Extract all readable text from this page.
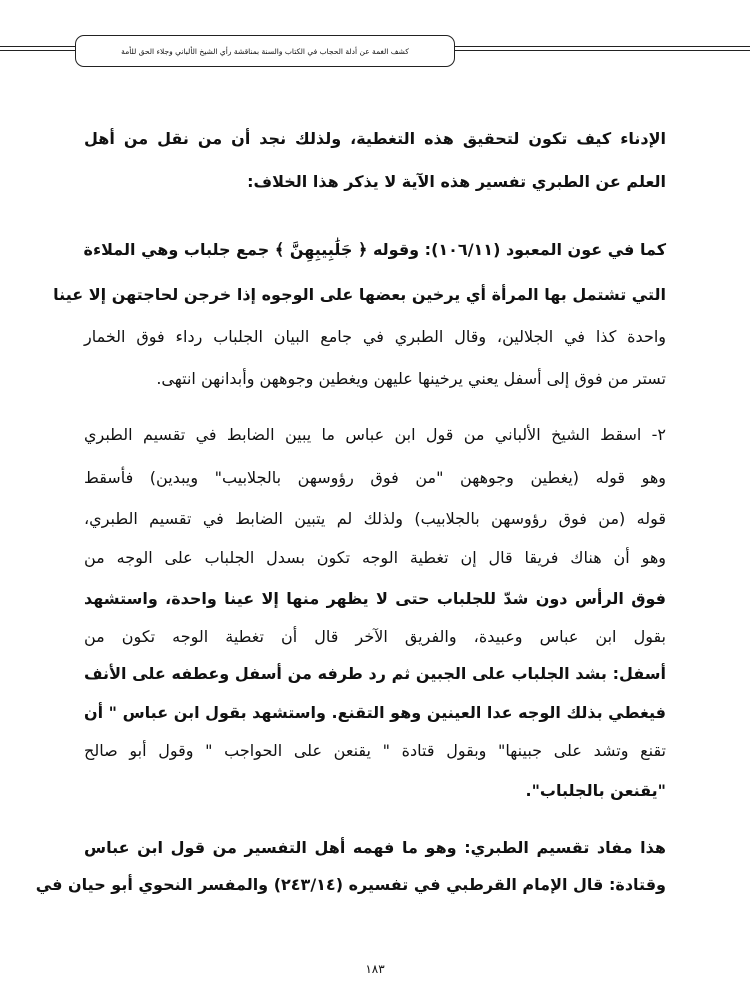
كشف الغمة عن أدلة الحجاب في الكتاب والسنة بمناقشة رأي الشيخ الألباني وجلاء الحق للأمة
الإدناء كيف تكون لتحقيق هذه التغطية، ولذلك نجد أن من نقل من أهل
العلم عن الطبري تفسير هذه الآية لا يذكر هذا الخلاف:
كما في عون المعبود (١٠٦/١١): وقوله ﴿ جَلَٰبِيبِهِنَّ ﴾ جمع جلباب وهي الملاءة
التي تشتمل بها المرأة أي يرخين بعضها على الوجوه إذا خرجن لحاجتهن إلا عينا
واحدة كذا في الجلالين، وقال الطبري في جامع البيان الجلباب رداء فوق الخمار
تستر من فوق إلى أسفل يعني يرخينها عليهن ويغطين وجوههن وأبدانهن انتهى.
٢- اسقط الشيخ الألباني من قول ابن عباس ما يبين الضابط في تقسيم الطبري
وهو قوله (يغطين وجوههن "من فوق رؤوسهن بالجلابيب" ويبدين) فأسقط
قوله (من فوق رؤوسهن بالجلابيب) ولذلك لم يتبين الضابط في تقسيم الطبري،
وهو أن هناك فريقا قال إن تغطية الوجه تكون بسدل الجلباب على الوجه من
فوق الرأس دون شدّ للجلباب حتى لا يظهر منها إلا عينا واحدة، واستشهد
بقول ابن عباس وعبيدة، والفريق الآخر قال أن تغطية الوجه تكون من
أسفل: بشد الجلباب على الجبين ثم رد طرفه من أسفل وعطفه على الأنف
فيغطي بذلك الوجه عدا العينين وهو التقنع. واستشهد بقول ابن عباس " أن
تقنع وتشد على جبينها" وبقول قتادة " يقنعن على الحواجب " وقول أبو صالح
"يقنعن بالجلباب".
هذا مفاد تقسيم الطبري: وهو ما فهمه أهل التفسير من قول ابن عباس
وقتادة: قال الإمام القرطبي في تفسيره (٢٤٣/١٤) والمفسر النحوي أبو حيان في
١٨٣
